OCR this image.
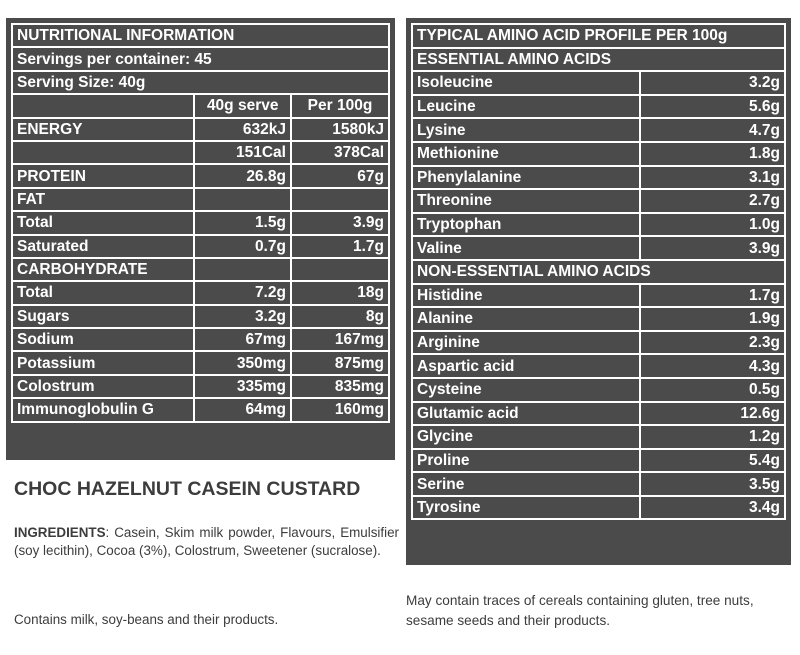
NUTRITIONAL INFORMATION		
Servings per container: 45		
Serving Size: 40g		
	40g serve	Per 100g
ENERGY	632kJ	1580kJ
	151Cal	378Cal
PROTEIN	26.8g	67g
FAT		
Total	1.5g	3.9g
Saturated	0.7g	1.7g
CARBOHYDRATE		
Total	7.2g	18g
Sugars	3.2g	8g
Sodium	67mg	167mg
Potassium	350mg	875mg
Colostrum	335mg	835mg
Immunoglobulin G	64mg	160mg
TYPICAL AMINO ACID PROFILE PER 100g	
ESSENTIAL AMINO ACIDS	
Isoleucine	3.2g
Leucine	5.6g
Lysine	4.7g
Methionine	1.8g
Phenylalanine	3.1g
Threonine	2.7g
Tryptophan	1.0g
Valine	3.9g
NON-ESSENTIAL AMINO ACIDS	
Histidine	1.7g
Alanine	1.9g
Arginine	2.3g
Aspartic acid	4.3g
Cysteine	0.5g
Glutamic acid	12.6g
Glycine	1.2g
Proline	5.4g
Serine	3.5g
Tyrosine	3.4g
CHOC HAZELNUT CASEIN CUSTARD
INGREDIENTS: Casein, Skim milk powder, Flavours, Emulsifier (soy lecithin), Cocoa (3%), Colostrum, Sweetener (sucralose).
Contains milk, soy-beans and their products.
May contain traces of cereals containing gluten, tree nuts, sesame seeds and their products.
